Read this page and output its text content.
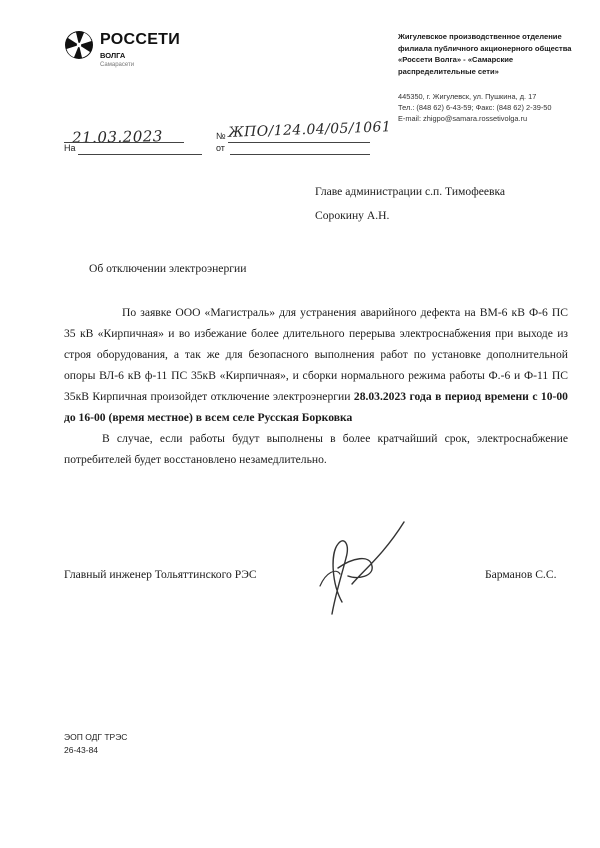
РОССЕТИ
ВОЛГА
Самарасети
Жигулевское производственное отделение
филиала публичного акционерного общества
«Россети Волга» - «Самарские
распределительные сети»
445350, г. Жигулевск, ул. Пушкина, д. 17
Тел.: (848 62) 6-43-59; Факс: (848 62) 2-39-50
E-mail: zhigpo@samara.rossetivolga.ru
21.03.2023	№ ЖПО/124.04/05/1061
На	от
Главе администрации с.п. Тимофеевка
Сорокину А.Н.
Об отключении электроэнергии
По заявке ООО «Магистраль» для устранения аварийного дефекта на ВМ-6 кВ Ф-6 ПС 35 кВ «Кирпичная» и во избежание более длительного перерыва электроснабжения при выходе из строя оборудования, а так же для безопасного выполнения работ по установке дополнительной опоры ВЛ-6 кВ ф-11 ПС 35кВ «Кирпичная», и сборки нормального режима работы Ф.-6 и Ф-11 ПС 35кВ Кирпичная произойдет отключение электроэнергии 28.03.2023 года в период времени с 10-00 до 16-00 (время местное) в всем селе Русская Борковка
В случае, если работы будут выполнены в более кратчайший срок, электроснабжение потребителей будет восстановлено незамедлительно.
Главный инженер Тольяттинского РЭС	Барманов С.С.
ЭОП ОДГ ТРЭС
26-43-84
